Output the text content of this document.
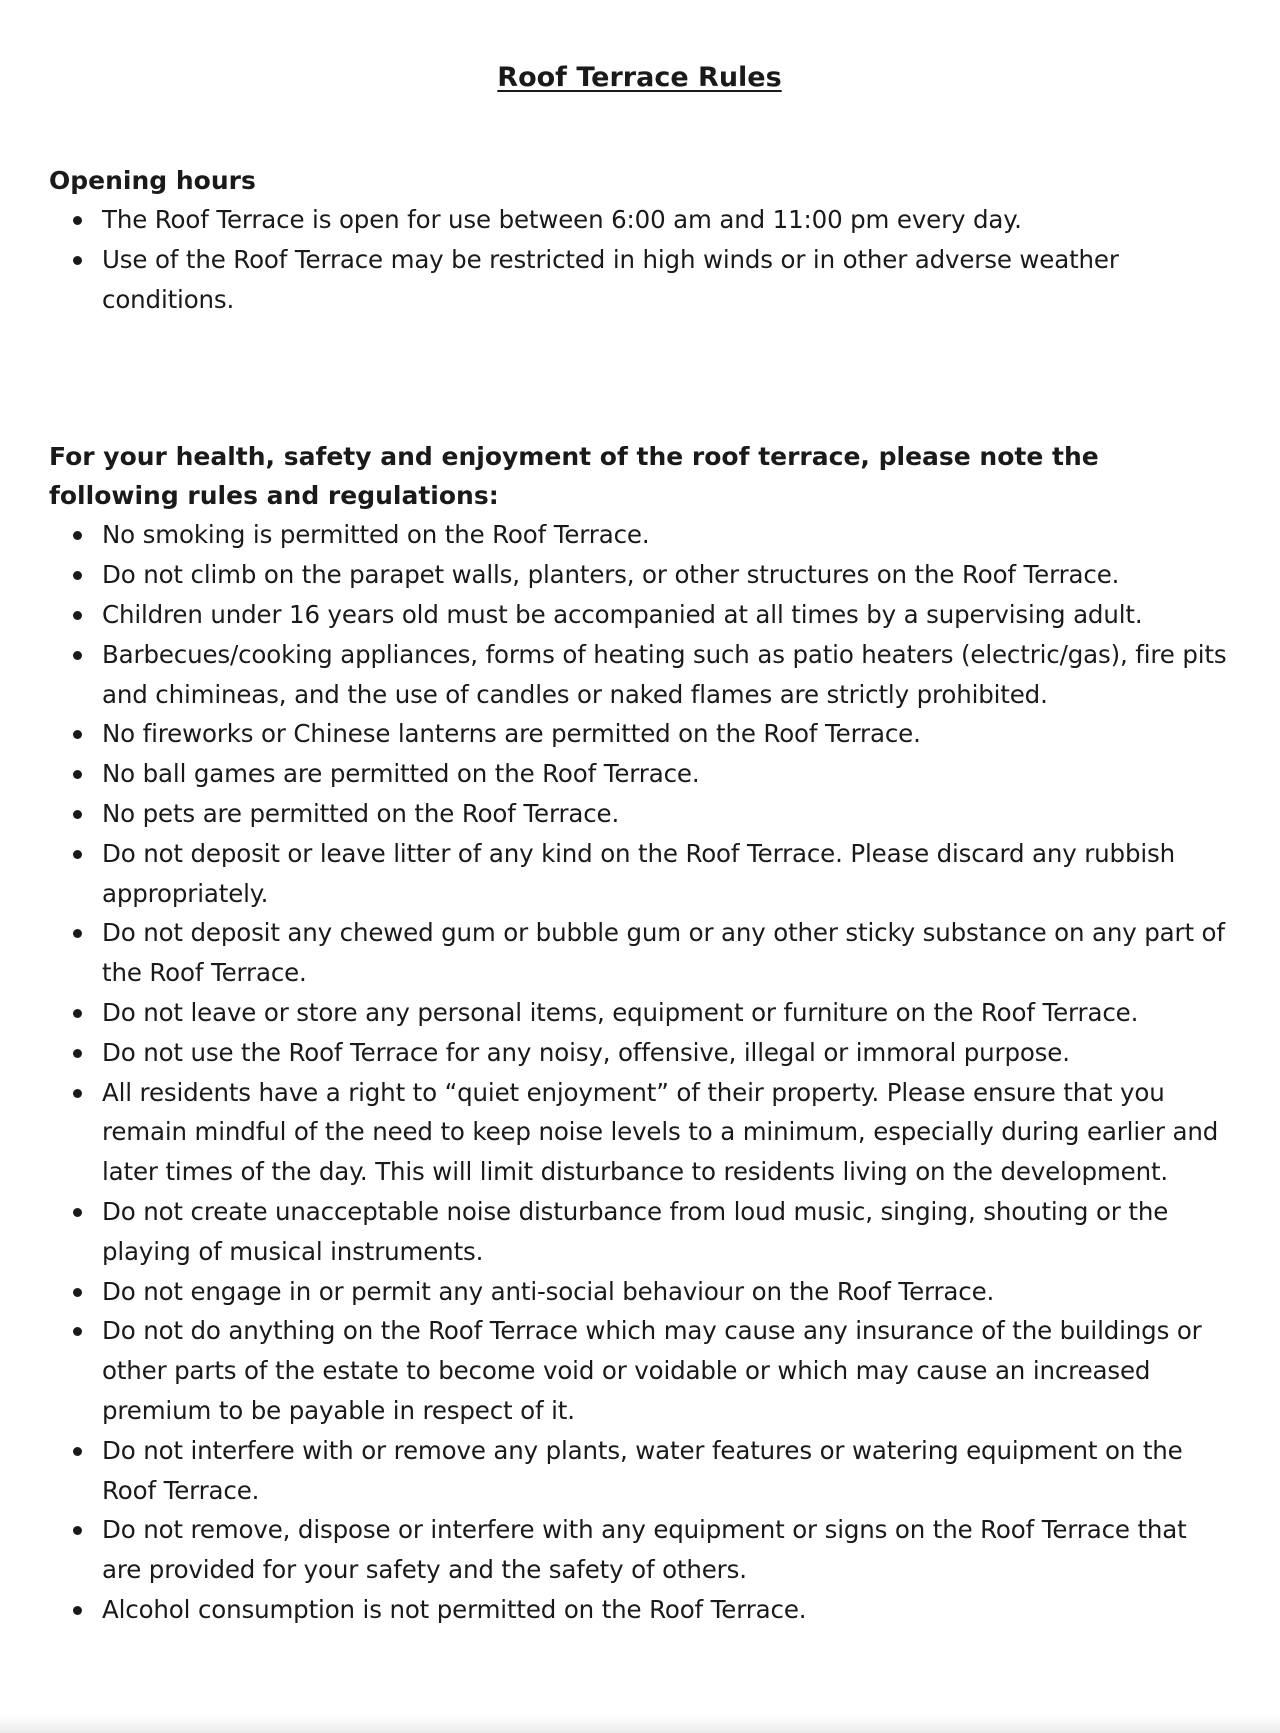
Roof Terrace Rules
Opening hours
The Roof Terrace is open for use between 6:00 am and 11:00 pm every day.
Use of the Roof Terrace may be restricted in high winds or in other adverse weather conditions.
For your health, safety and enjoyment of the roof terrace, please note the following rules and regulations:
No smoking is permitted on the Roof Terrace.
Do not climb on the parapet walls, planters, or other structures on the Roof Terrace.
Children under 16 years old must be accompanied at all times by a supervising adult.
Barbecues/cooking appliances, forms of heating such as patio heaters (electric/gas), fire pits and chimineas, and the use of candles or naked flames are strictly prohibited.
No fireworks or Chinese lanterns are permitted on the Roof Terrace.
No ball games are permitted on the Roof Terrace.
No pets are permitted on the Roof Terrace.
Do not deposit or leave litter of any kind on the Roof Terrace. Please discard any rubbish appropriately.
Do not deposit any chewed gum or bubble gum or any other sticky substance on any part of the Roof Terrace.
Do not leave or store any personal items, equipment or furniture on the Roof Terrace.
Do not use the Roof Terrace for any noisy, offensive, illegal or immoral purpose.
All residents have a right to “quiet enjoyment” of their property. Please ensure that you remain mindful of the need to keep noise levels to a minimum, especially during earlier and later times of the day. This will limit disturbance to residents living on the development.
Do not create unacceptable noise disturbance from loud music, singing, shouting or the playing of musical instruments.
Do not engage in or permit any anti-social behaviour on the Roof Terrace.
Do not do anything on the Roof Terrace which may cause any insurance of the buildings or other parts of the estate to become void or voidable or which may cause an increased premium to be payable in respect of it.
Do not interfere with or remove any plants, water features or watering equipment on the Roof Terrace.
Do not remove, dispose or interfere with any equipment or signs on the Roof Terrace that are provided for your safety and the safety of others.
Alcohol consumption is not permitted on the Roof Terrace.
